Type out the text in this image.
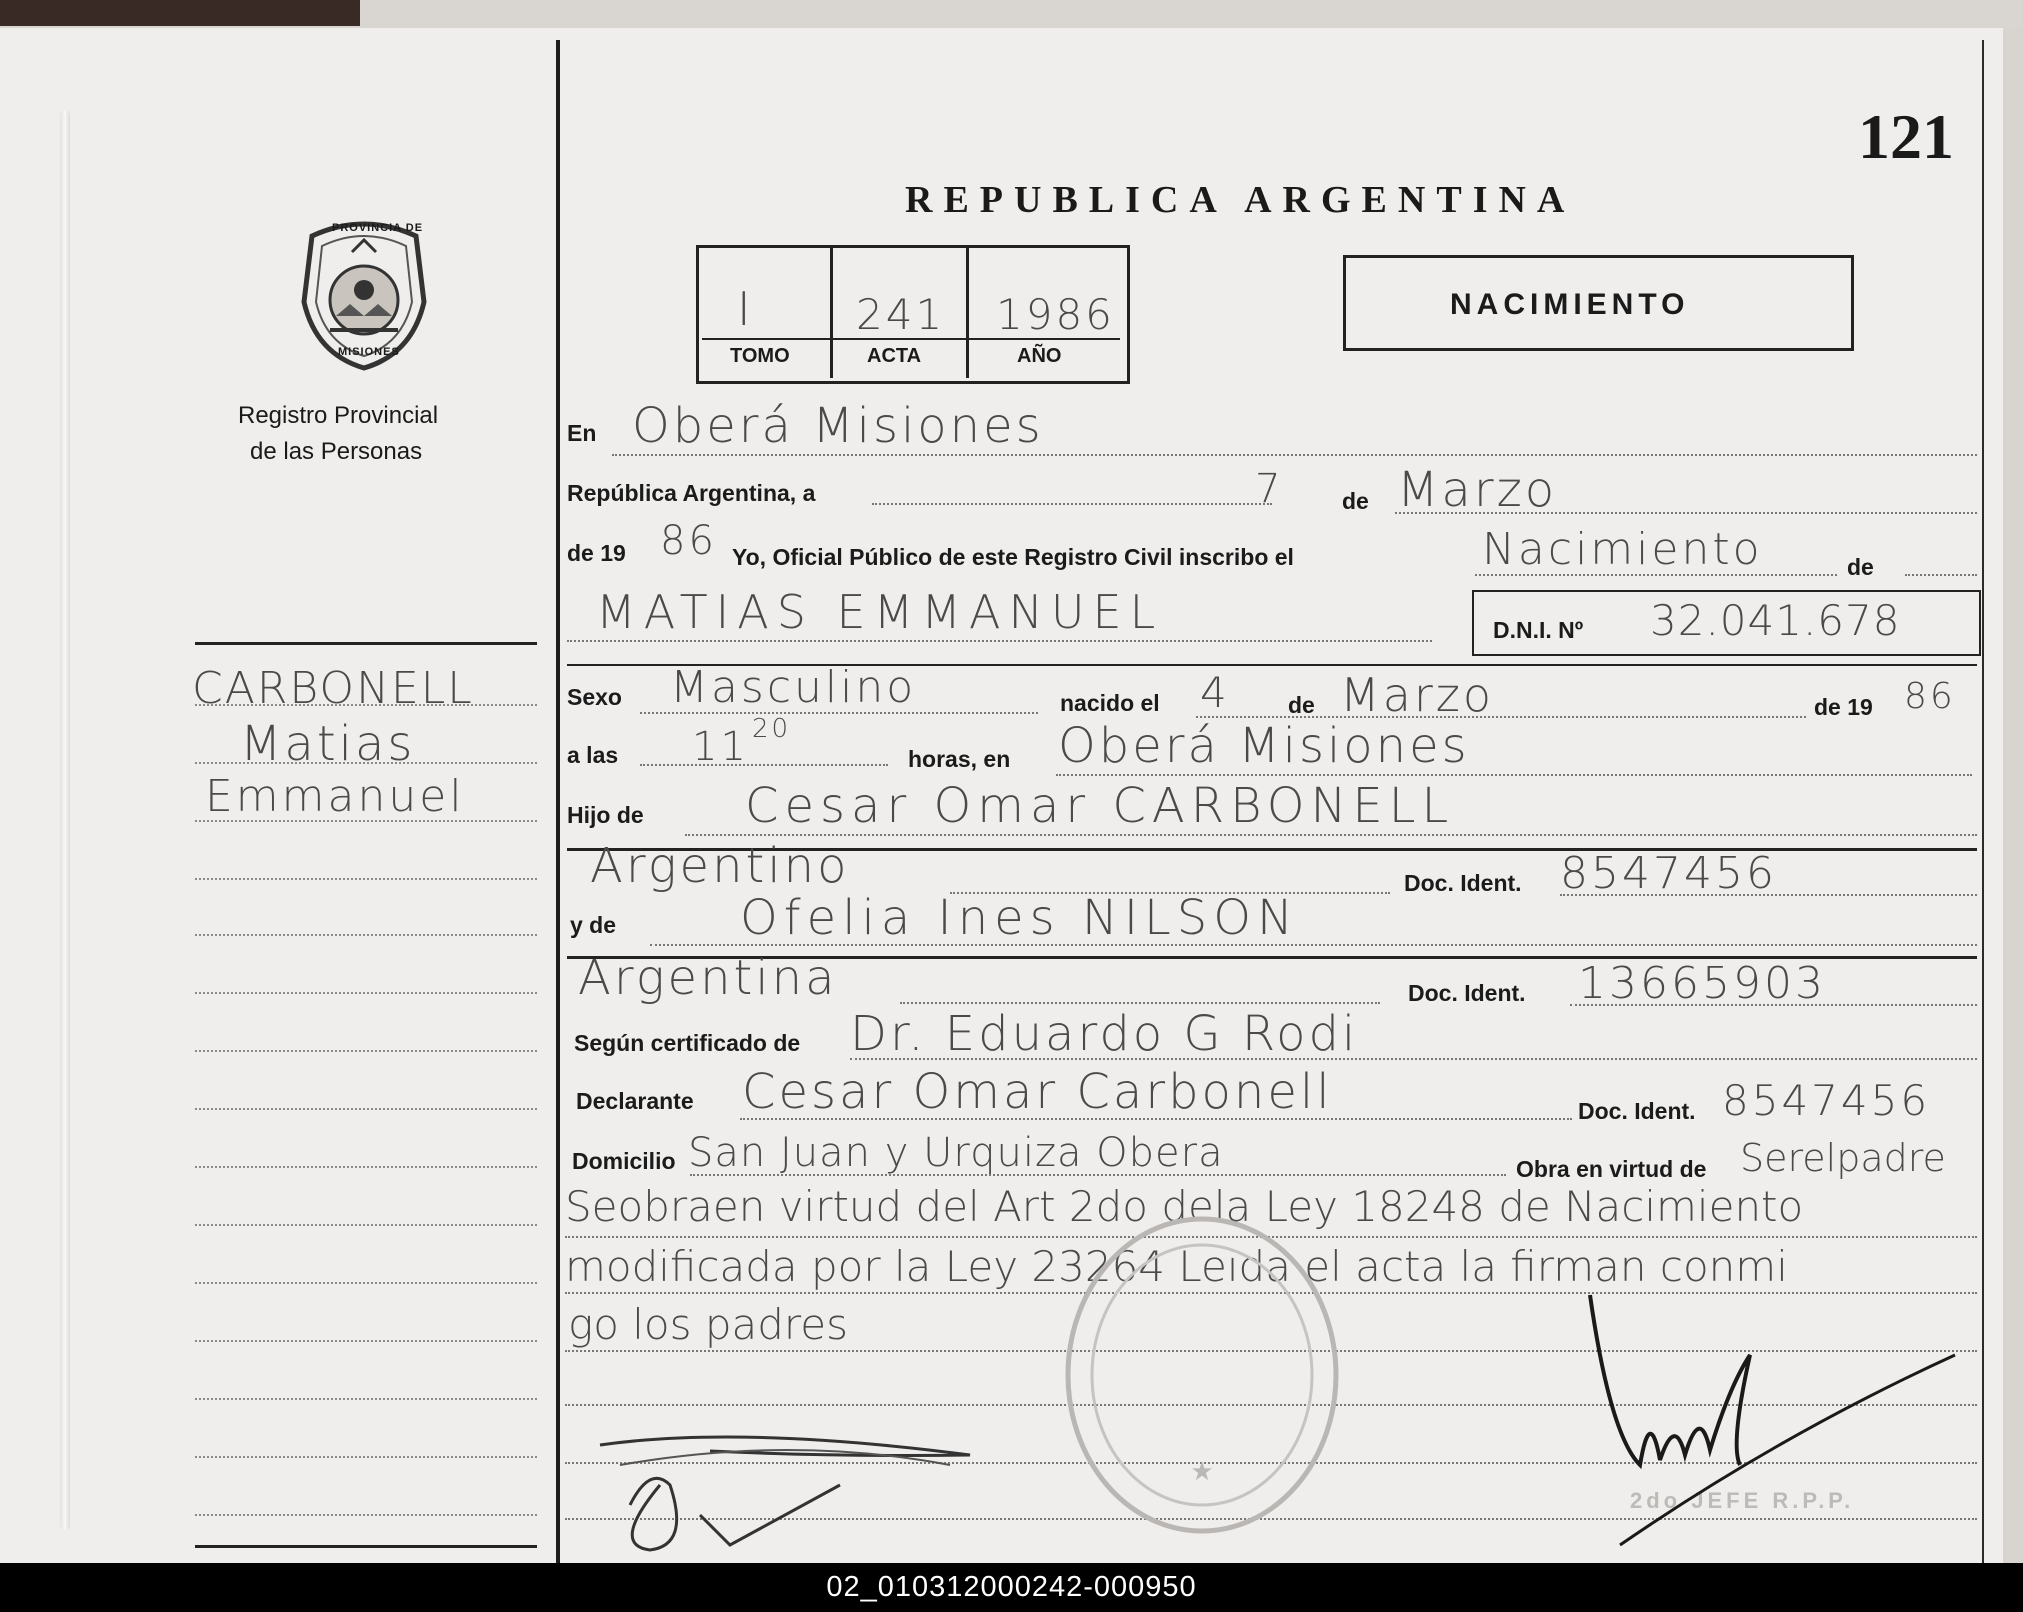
121
REPUBLICA ARGENTINA
PROVINCIA DE
MISIONES
Registro Provincial
de las Personas
I 241 1986
TOMO	ACTA	AÑO
NACIMIENTO
CARBONELL
Matias
Emmanuel
En Oberá Misiones
República Argentina, a	7	de Marzo
de 19 86 Yo, Oficial Público de este Registro Civil inscribo el	Nacimiento	de
MATIAS EMMANUEL	D.N.I. Nº 32.041.678
Sexo Masculino	nacido el 4	de Marzo	de 19 86
a las 11 20
horas, en Oberá Misiones
Hijo de Cesar Omar CARBONELL
Argentino	Doc. Ident. 8547456
y de	Ofelia Ines NILSON
Argentina	Doc. Ident. 13665903
Según certificado de Dr. Eduardo G Rodi
Declarante Cesar Omar Carbonell	Doc. Ident. 8547456
Domicilio San Juan y Urquiza Obera	Obra en virtud de Serelpadre
Seobraen virtud del Art 2do dela Ley 18248 de Nacimiento
modificada por la Ley 23264 Leida el acta la firman conmi
go los padres
★
2do JEFE R.P.P.
02_010312000242-000950
